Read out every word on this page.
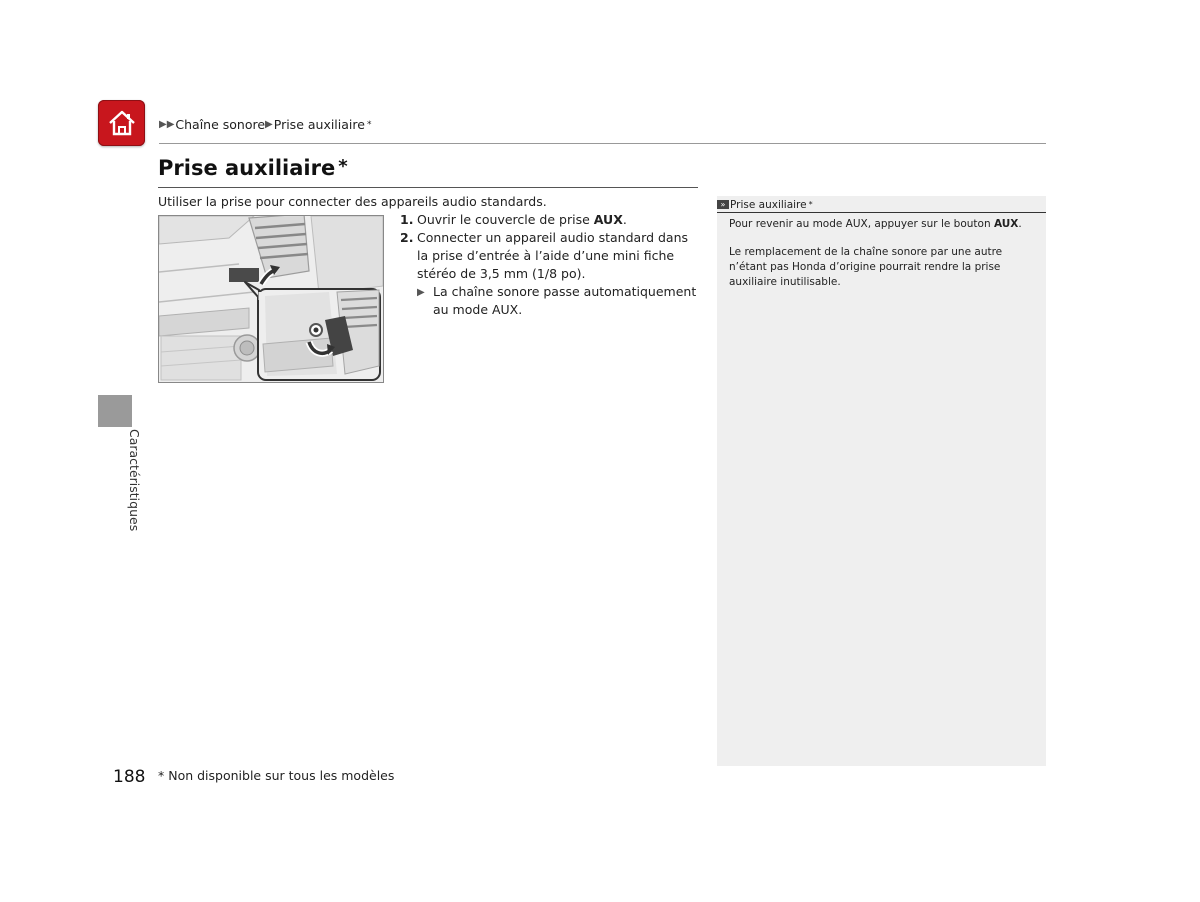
▶▶ Chaîne sonore ▶ Prise auxiliaire *
Prise auxiliaire *
Utiliser la prise pour connecter des appareils audio standards.
1. Ouvrir le couvercle de prise AUX.
2. Connecter un appareil audio standard dans la prise d’entrée à l’aide d’une mini fiche stéréo de 3,5 mm (1/8 po).
▶ La chaîne sonore passe automatiquement au mode AUX.
» Prise auxiliaire *
Pour revenir au mode AUX, appuyer sur le bouton AUX.
Le remplacement de la chaîne sonore par une autre n’étant pas Honda d’origine pourrait rendre la prise auxiliaire inutilisable.
Caractéristiques
188 * Non disponible sur tous les modèles
